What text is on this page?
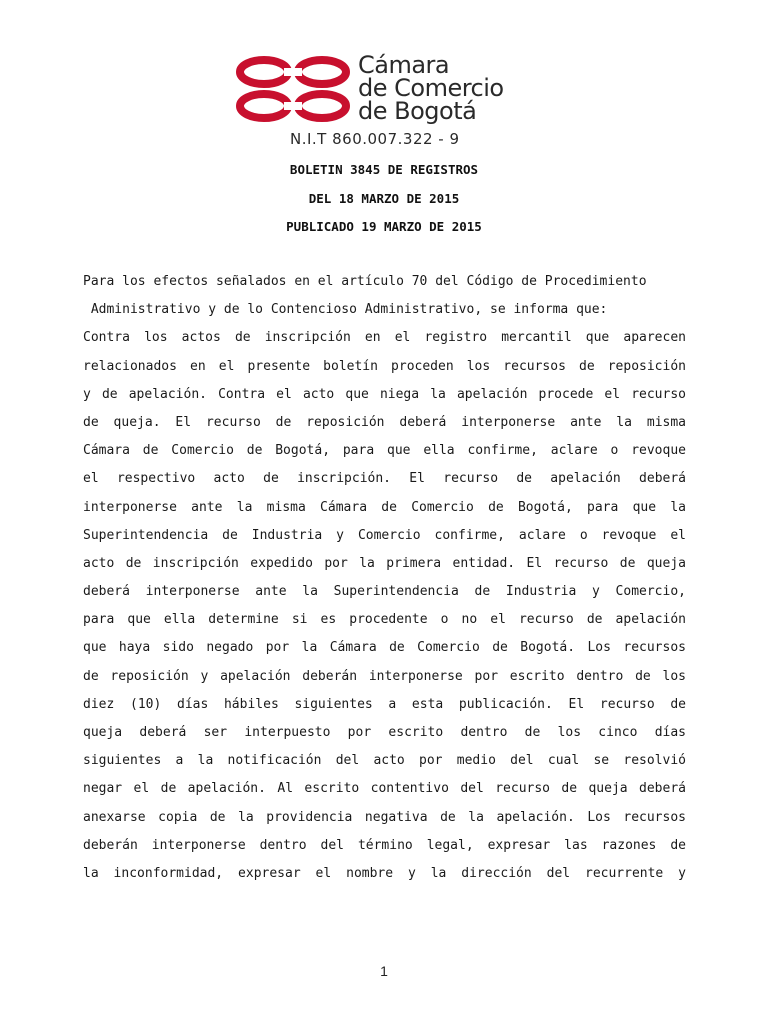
Cámara
de Comercio
de Bogotá
N.I.T 860.007.322 - 9
BOLETIN 3845 DE REGISTROS
DEL 18 MARZO DE 2015
PUBLICADO 19 MARZO DE 2015
Para los efectos señalados en el artículo 70 del Código de Procedimiento
Administrativo y de lo Contencioso Administrativo, se informa que:
Contra los actos de inscripción en el registro mercantil que aparecen
relacionados en el presente boletín proceden los recursos de reposición
y de apelación. Contra el acto que niega la apelación procede el recurso
de queja. El recurso de reposición deberá interponerse ante la misma
Cámara de Comercio de Bogotá, para que ella confirme, aclare o revoque
el respectivo acto de inscripción. El recurso de apelación deberá
interponerse ante la misma Cámara de Comercio de Bogotá, para que la
Superintendencia de Industria y Comercio confirme, aclare o revoque el
acto de inscripción expedido por la primera entidad. El recurso de queja
deberá interponerse ante la Superintendencia de Industria y Comercio,
para que ella determine si es procedente o no el recurso de apelación
que haya sido negado por la Cámara de Comercio de Bogotá. Los recursos
de reposición y apelación deberán interponerse por escrito dentro de los
diez (10) días hábiles siguientes a esta publicación. El recurso de
queja deberá ser interpuesto por escrito dentro de los cinco días
siguientes a la notificación del acto por medio del cual se resolvió
negar el de apelación. Al escrito contentivo del recurso de queja deberá
anexarse copia de la providencia negativa de la apelación. Los recursos
deberán interponerse dentro del término legal, expresar las razones de
la inconformidad, expresar el nombre y la dirección del recurrente y
1
